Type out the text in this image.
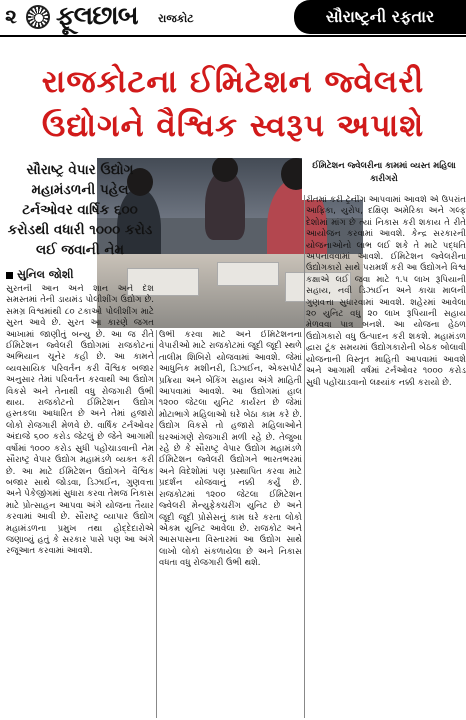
૨ ફૂલછાબ રાજકોટ	સૌરાષ્ટ્રની રફતાર
રાજકોટના ઈમિટેશન જ્વેલરી
ઉદ્યોગને વૈશ્વિક સ્વરૂપ અપાશે
ઈમિટેશન જ્વેલરીના કામમાં વ્યસ્ત મહિલા કારીગરો
સૌરાષ્ટ્ર વેપાર ઉદ્યોગ મહામંડળની પહેલ ટર્નઓવર વાર્ષિક ૬૦૦ કરોડથી વધારી ૧૦૦૦ કરોડ લઈ જવાની નેમ
સુનિલ જોશી
સુરતની આન અને શાન અને દેશ સમસ્તમાં તેની ડાયમંડ પોલીશીંગ ઉદ્યોગ છે. સમગ્ર વિશ્વમાંથી ૮૦ ટકાઓ પોલીશીંગ માટે સુરત આવે છે. સુરત આ કારણે જગત આખામાં જાણીતું બન્યુ છે. આ જ રીતે ઈમિટેશન જ્વેલરી ઉદ્યોગમાં રાજકોટનાં અભિયાન ચૂનેર કહી છે. આ કામને વ્યવસાયિક પરિવર્તન કરી વૈશ્વિક બજાર અનુસાર તેમાં પરિવર્તન કરવાથી આ ઉદ્યોગ વિકસે અને તેનાથી વધુ રોજગારી ઉભી થાય. રાજકોટનો ઈમિટેશન ઉદ્યોગ હસ્તકલા આધારિત છે અને તેમાં હજારો લોકો રોજગારી મેળવે છે. વાર્ષિક ટર્નઓવર અંદાજે ૬૦૦ કરોડ જેટલું છે જેને આગામી વર્ષોમાં ૧૦૦૦ કરોડ સુધી પહોંચાડવાની નેમ સૌરાષ્ટ્ર વેપાર ઉદ્યોગ મહામંડળે વ્યક્ત કરી છે. આ માટે ઈમિટેશન ઉદ્યોગને વૈશ્વિક બજાર સાથે જોડવા, ડિઝાઈન, ગુણવત્તા અને પેકેજીંગમાં સુધારા કરવા તેમજ નિકાસ માટે પ્રોત્સાહન આપવા અંગે યોજના તૈયાર કરવામાં આવી છે. સૌરાષ્ટ્ર વ્યાપાર ઉદ્યોગ મહામંડળના પ્રમુખ તથા હોદ્દેદારોએ જણાવ્યું હતું કે સરકાર પાસે પણ આ અંગે રજૂઆત કરવામાં આવશે.
ઉભી કરવા માટે અને ઈમિટેશનના વેપારીઓ માટે રાજકોટમાં જૂદી જૂદી સ્થળે તાલીમ શિબિરો યોજવામાં આવશે. જેમાં આધુનિક મશીનરી, ડિઝાઈન, એક્સપોર્ટ પ્રક્રિયા અને બેંકિંગ સહાય અંગે માહિતી આપવામાં આવશે. આ ઉદ્યોગમાં હાલ ૧૨૦૦ જેટલા યુનિટ કાર્યરત છે જેમાં મોટાભાગે મહિલાઓ ઘરે બેઠા કામ કરે છે. ઉદ્યોગ વિકસે તો હજારો મહિલાઓને ઘરઆંગણે રોજગારી મળી રહે છે. તેજુબા રહે છે કે સૌરાષ્ટ્ર વેપાર ઉદ્યોગ મહામંડળે ઈમિટેશન જ્વેલરી ઉદ્યોગને ભારતભરમાં અને વિદેશોમાં પણ પ્રસ્થાપિત કરવા માટે પ્રદર્શન યોજવાનું નક્કી કર્યું છે. રાજકોટમાં ૧૨૦૦ જેટલા ઈમિટેશન જ્વેલરી મેન્યુફેક્ચરીંગ યુનિટ છે અને જૂદી જૂદી પ્રોસેસનું કામ ઘરે કરતા લોકો એકમ યુનિટ આવેલા છે. રાજકોટ અને આસપાસના વિસ્તારમાં આ ઉદ્યોગ સાથે લાખો લોકો સંકળાયેલા છે અને નિકાસ વધતા વધુ રોજગારી ઉભી થશે.
રીતમાં કરી ટ્રેનીંગ આપવામાં આવશે એ ઉપરાંત આફ્રિકા, યુરોપ, દક્ષિણ અમેરિકા અને ગલ્ફ દેશોમાં માંગ છે ત્યાં નિકાસ કરી શકાય તે રીતે આયોજન કરવામાં આવશે. કેન્દ્ર સરકારની યોજનાઓનો લાભ લઈ શકે તે માટે પદ્ધતિ અપનાવવામાં આવશે. ઈમિટેશન જ્વેલરીના ઉદ્યોગકારો સાથે પરામર્શ કરી આ ઉદ્યોગને વિશ્વ કક્ષાએ લઈ જવા માટે ૧.૫ લાખ રૂપિયાની સહાય, નવી ડિઝાઈન અને કાચા માલની ગુણવત્તા સુધારવામાં આવશે. શહેરમાં આવેલા ૨૦ યુનિટ વધુ ૨૦ લાખ રૂપિયાની સહાય મેળવવા પાત્ર બનશે. આ યોજના હેઠળ ઉદ્યોગકારો વધુ ઉત્પાદન કરી શકશે. મહામંડળ દ્વારા ટૂંક સમયમાં ઉદ્યોગકારોની બેઠક બોલાવી યોજનાની વિસ્તૃત માહિતી આપવામાં આવશે અને આગામી વર્ષમાં ટર્નઓવર ૧૦૦૦ કરોડ સુધી પહોંચાડવાનો લક્ષ્યાંક નક્કી કરાયો છે.
